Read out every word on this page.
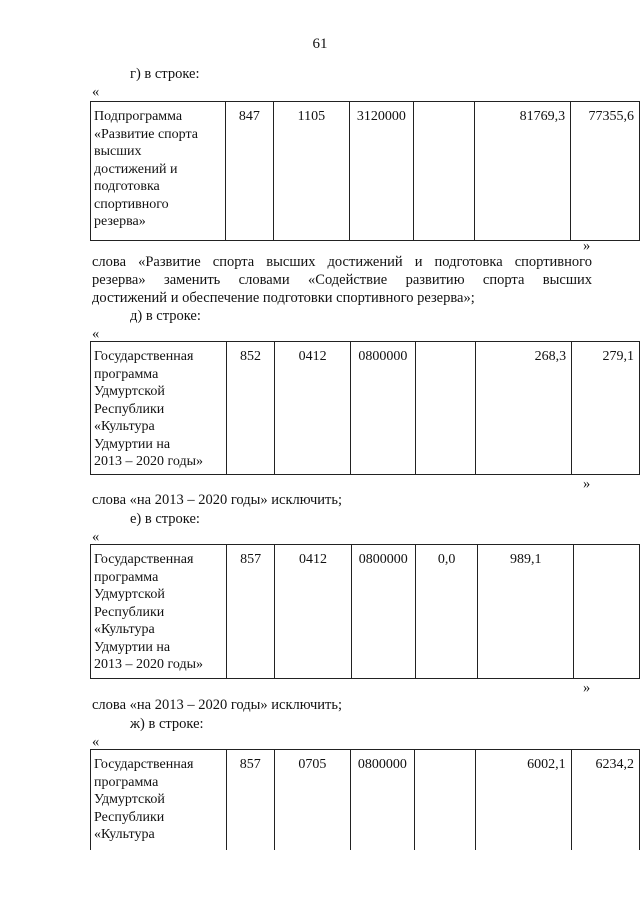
61
г) в строке:
«
Подпрограмма
«Развитие спорта
высших
достижений и
подготовка
спортивного
резерва»
	847	1105	3120000		81769,3	77355,6
»
слова «Развитие спорта высших достижений и подготовка спортивного
резерва» заменить словами «Содействие развитию спорта высших
достижений и обеспечение подготовки спортивного резерва»;
д) в строке:
«
Государственная
программа
Удмуртской
Республики
«Культура
Удмуртии на
2013 – 2020 годы»
	852	0412	0800000		268,3	279,1
»
слова «на 2013 – 2020 годы» исключить;
е) в строке:
«
Государственная
программа
Удмуртской
Республики
«Культура
Удмуртии на
2013 – 2020 годы»
	857	0412	0800000	0,0	989,1	
»
слова «на 2013 – 2020 годы» исключить;
ж) в строке:
«
Государственная
программа
Удмуртской
Республики
«Культура
	857	0705	0800000		6002,1	6234,2
